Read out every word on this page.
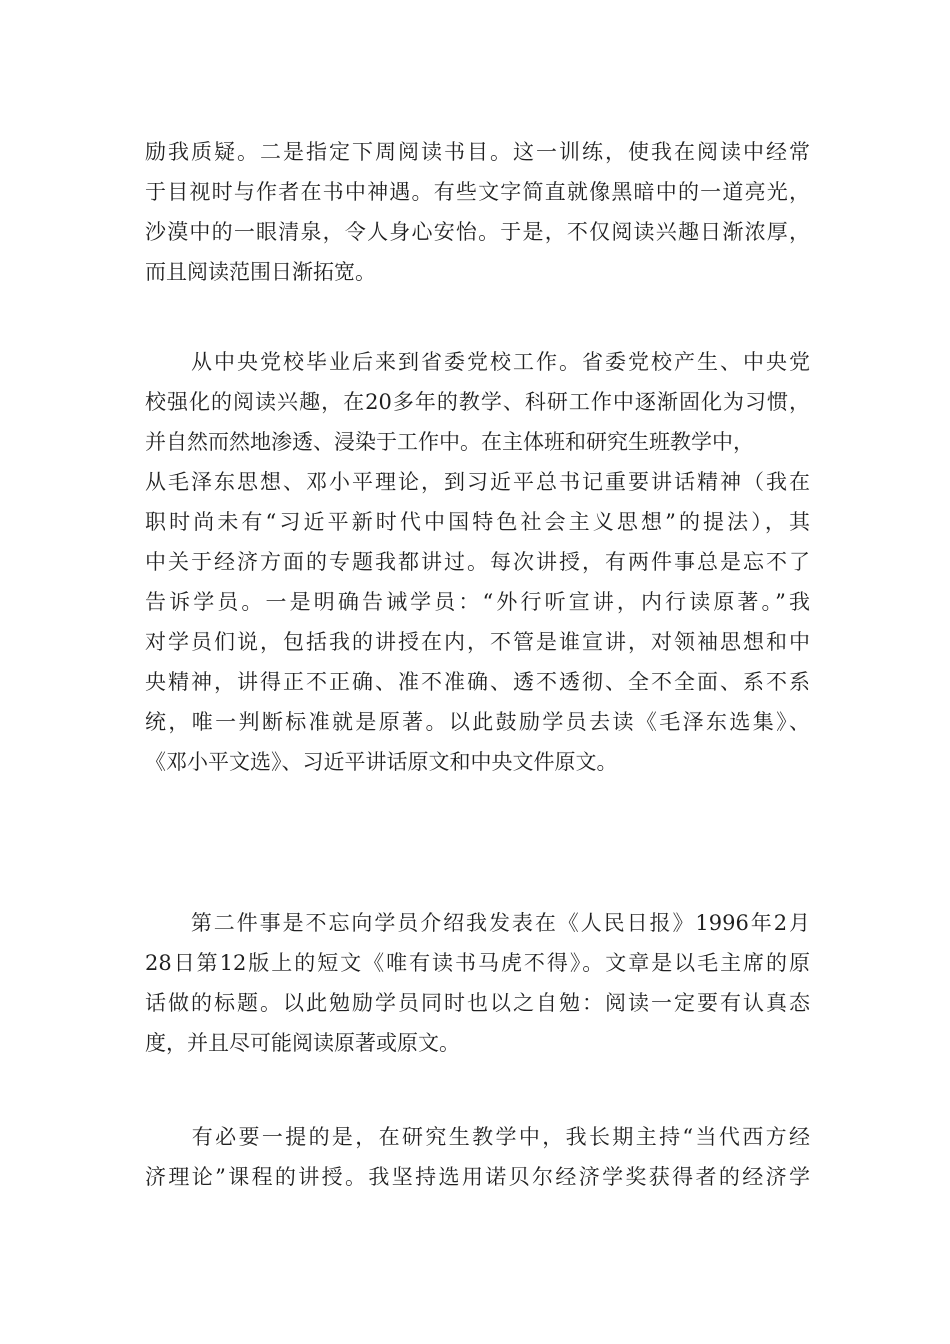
励我质疑。二是指定下周阅读书目。这一训练，使我在阅读中经常
于目视时与作者在书中神遇。有些文字简直就像黑暗中的一道亮光，
沙漠中的一眼清泉，令人身心安怡。于是，不仅阅读兴趣日渐浓厚，
而且阅读范围日渐拓宽。
　　从中央党校毕业后来到省委党校工作。省委党校产生、中央党
校强化的阅读兴趣，在20多年的教学、科研工作中逐渐固化为习惯，
并自然而然地渗透、浸染于工作中。在主体班和研究生班教学中，
从毛泽东思想、邓小平理论，到习近平总书记重要讲话精神（我在
职时尚未有“习近平新时代中国特色社会主义思想”的提法），其
中关于经济方面的专题我都讲过。每次讲授，有两件事总是忘不了
告诉学员。一是明确告诫学员：“外行听宣讲，内行读原著。”我
对学员们说，包括我的讲授在内，不管是谁宣讲，对领袖思想和中
央精神，讲得正不正确、准不准确、透不透彻、全不全面、系不系
统，唯一判断标准就是原著。以此鼓励学员去读《毛泽东选集》、
《邓小平文选》、习近平讲话原文和中央文件原文。
　　第二件事是不忘向学员介绍我发表在《人民日报》1996年2月
28日第12版上的短文《唯有读书马虎不得》。文章是以毛主席的原
话做的标题。以此勉励学员同时也以之自勉：阅读一定要有认真态
度，并且尽可能阅读原著或原文。
　　有必要一提的是，在研究生教学中，我长期主持“当代西方经
济理论”课程的讲授。我坚持选用诺贝尔经济学奖获得者的经济学
